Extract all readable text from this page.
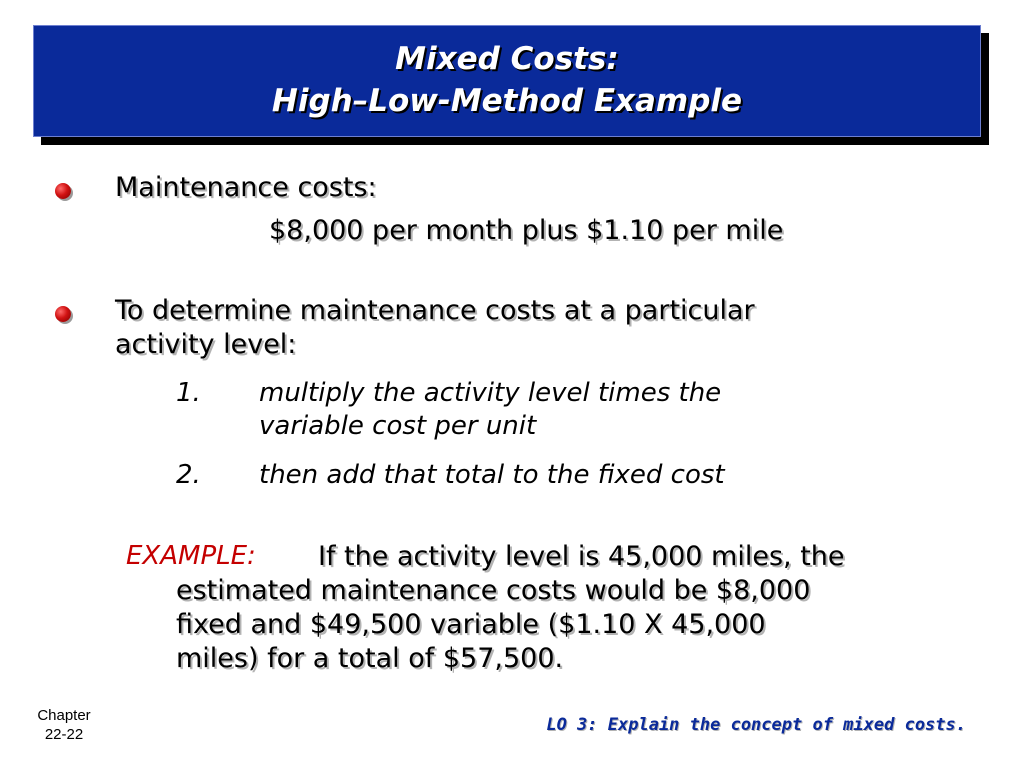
Mixed Costs:
High–Low-Method Example
Maintenance costs:
$8,000 per month plus $1.10 per mile
To determine maintenance costs at a particular
activity level:
1. multiply the activity level times the
variable cost per unit
2. then add that total to the fixed cost
EXAMPLE: If the activity level is 45,000 miles, the
estimated maintenance costs would be $8,000
fixed and $49,500 variable ($1.10 X 45,000
miles) for a total of $57,500.
Chapter
22-22	LO 3: Explain the concept of mixed costs.
